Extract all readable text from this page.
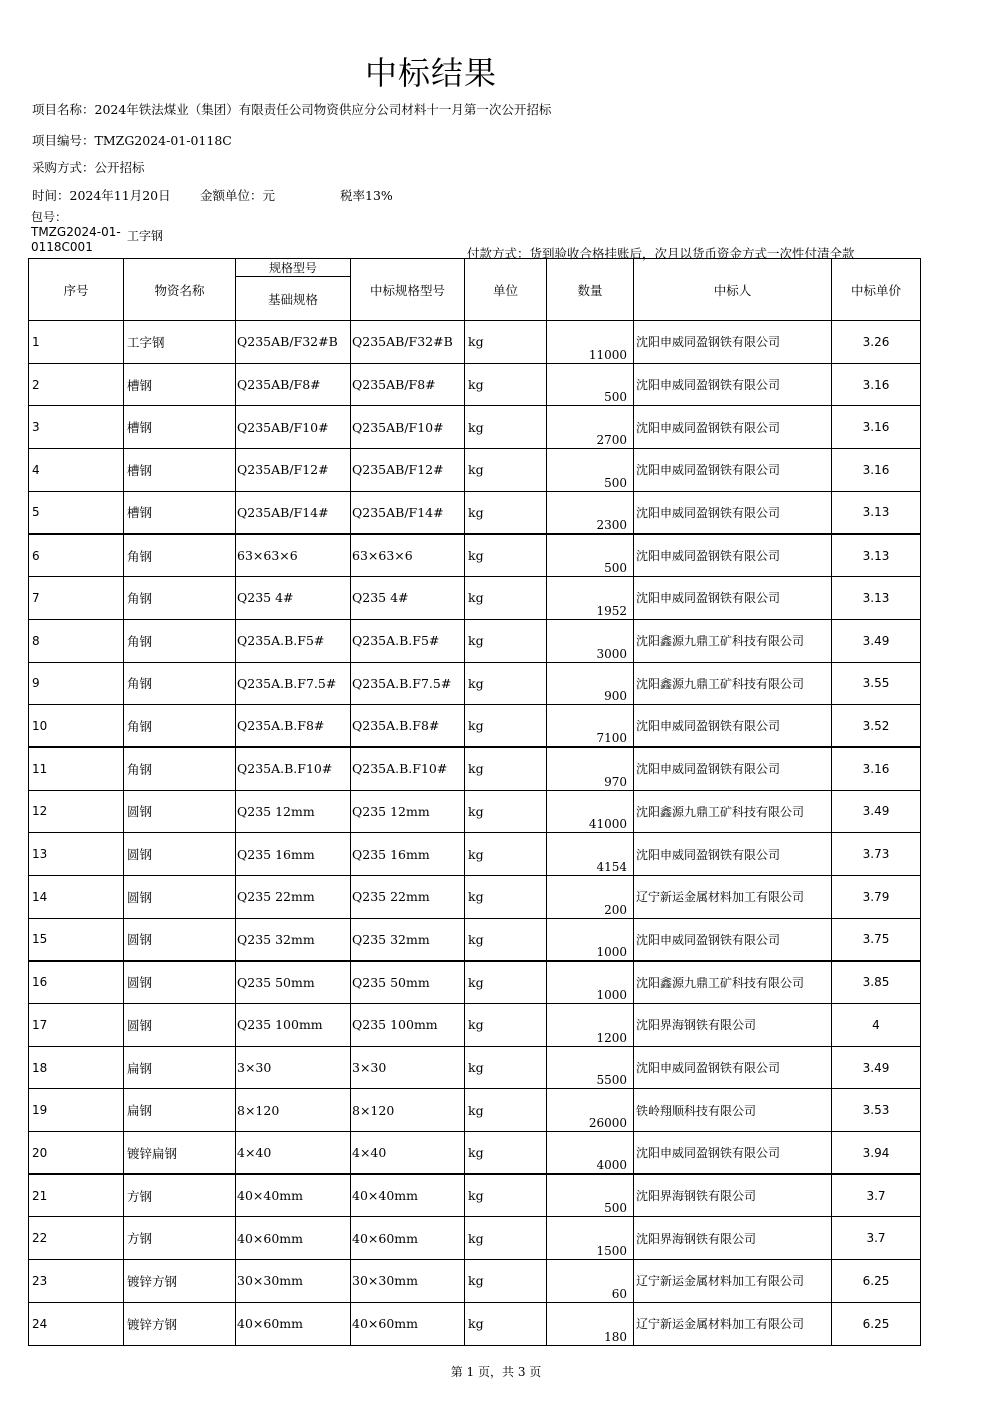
中标结果
项目名称：2024年铁法煤业（集团）有限责任公司物资供应分公司材料十一月第一次公开招标
项目编号：TMZG2024-01-0118C
采购方式：公开招标
时间：2024年11月20日 金额单位：元	税率13%
包号：
TMZG2024-01-
0118C001
工字钢
付款方式：货到验收合格挂账后，次月以货币资金方式一次性付清全款
序号	物资名称	规格型号	中标规格型号	单位	数量	中标人	中标单价
		基础规格					
1	工字钢	Q235AB/F32#B	Q235AB/F32#B	kg	11000	沈阳申威同盈钢铁有限公司	3.26
2	槽钢	Q235AB/F8#	Q235AB/F8#	kg	500	沈阳申威同盈钢铁有限公司	3.16
3	槽钢	Q235AB/F10#	Q235AB/F10#	kg	2700	沈阳申威同盈钢铁有限公司	3.16
4	槽钢	Q235AB/F12#	Q235AB/F12#	kg	500	沈阳申威同盈钢铁有限公司	3.16
5	槽钢	Q235AB/F14#	Q235AB/F14#	kg	2300	沈阳申威同盈钢铁有限公司	3.13
6	角钢	63×63×6	63×63×6	kg	500	沈阳申威同盈钢铁有限公司	3.13
7	角钢	Q235 4#	Q235 4#	kg	1952	沈阳申威同盈钢铁有限公司	3.13
8	角钢	Q235A.B.F5#	Q235A.B.F5#	kg	3000	沈阳鑫源九鼎工矿科技有限公司	3.49
9	角钢	Q235A.B.F7.5#	Q235A.B.F7.5#	kg	900	沈阳鑫源九鼎工矿科技有限公司	3.55
10	角钢	Q235A.B.F8#	Q235A.B.F8#	kg	7100	沈阳申威同盈钢铁有限公司	3.52
11	角钢	Q235A.B.F10#	Q235A.B.F10#	kg	970	沈阳申威同盈钢铁有限公司	3.16
12	圆钢	Q235 12mm	Q235 12mm	kg	41000	沈阳鑫源九鼎工矿科技有限公司	3.49
13	圆钢	Q235 16mm	Q235 16mm	kg	4154	沈阳申威同盈钢铁有限公司	3.73
14	圆钢	Q235 22mm	Q235 22mm	kg	200	辽宁新运金属材料加工有限公司	3.79
15	圆钢	Q235 32mm	Q235 32mm	kg	1000	沈阳申威同盈钢铁有限公司	3.75
16	圆钢	Q235 50mm	Q235 50mm	kg	1000	沈阳鑫源九鼎工矿科技有限公司	3.85
17	圆钢	Q235 100mm	Q235 100mm	kg	1200	沈阳界海钢铁有限公司	4
18	扁钢	3×30	3×30	kg	5500	沈阳申威同盈钢铁有限公司	3.49
19	扁钢	8×120	8×120	kg	26000	铁岭翔顺科技有限公司	3.53
20	镀锌扁钢	4×40	4×40	kg	4000	沈阳申威同盈钢铁有限公司	3.94
21	方钢	40×40mm	40×40mm	kg	500	沈阳界海钢铁有限公司	3.7
22	方钢	40×60mm	40×60mm	kg	1500	沈阳界海钢铁有限公司	3.7
23	镀锌方钢	30×30mm	30×30mm	kg	60	辽宁新运金属材料加工有限公司	6.25
24	镀锌方钢	40×60mm	40×60mm	kg	180	辽宁新运金属材料加工有限公司	6.25
第 1 页，共 3 页
